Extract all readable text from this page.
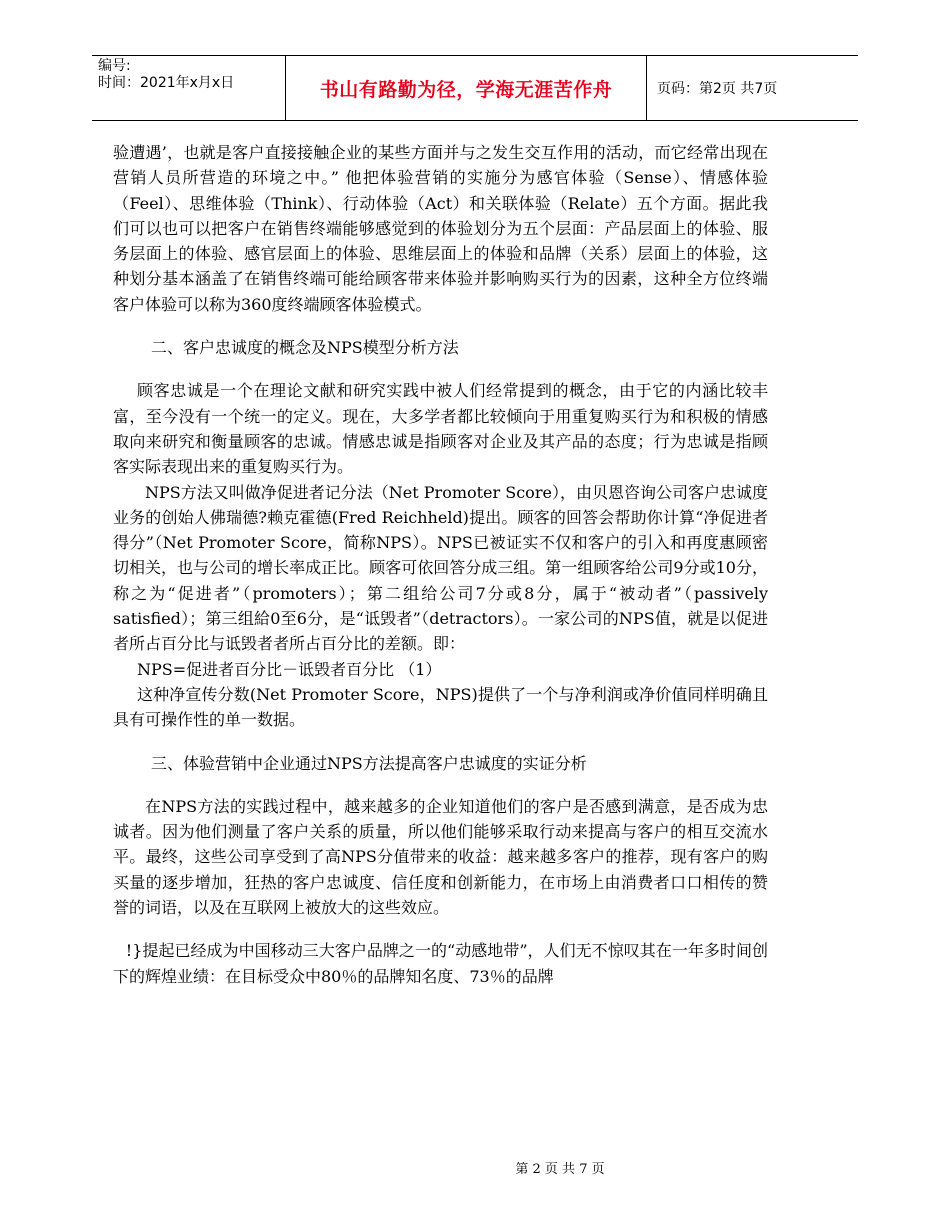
编号:
时间：2021年x月x日	书山有路勤为径，学海无涯苦作舟	页码：第2页 共7页

验遭遇’，也就是客户直接接触企业的某些方面并与之发生交互作用的活动，而它经常出现在营销人员所营造的环境之中。” 他把体验营销的实施分为感官体验（Sense）、情感体验（Feel）、思维体验（Think）、行动体验（Act）和关联体验（Relate）五个方面。据此我们可以也可以把客户在销售终端能够感觉到的体验划分为五个层面：产品层面上的体验、服务层面上的体验、感官层面上的体验、思维层面上的体验和品牌（关系）层面上的体验，这种划分基本涵盖了在销售终端可能给顾客带来体验并影响购买行为的因素，这种全方位终端客户体验可以称为360度终端顾客体验模式。

二、客户忠诚度的概念及NPS模型分析方法

顾客忠诚是一个在理论文献和研究实践中被人们经常提到的概念，由于它的内涵比较丰富，至今没有一个统一的定义。现在，大多学者都比较倾向于用重复购买行为和积极的情感取向来研究和衡量顾客的忠诚。情感忠诚是指顾客对企业及其产品的态度；行为忠诚是指顾客实际表现出来的重复购买行为。

NPS方法又叫做净促进者记分法（Net Promoter Score），由贝恩咨询公司客户忠诚度业务的创始人佛瑞德?赖克霍德(Fred Reichheld)提出。顾客的回答会帮助你计算“净促进者得分”（Net Promoter Score，简称NPS）。NPS已被证实不仅和客户的引入和再度惠顾密切相关，也与公司的增长率成正比。顾客可依回答分成三组。第一组顾客给公司9分或10分，称之为“促进者”（promoters）；第二组给公司7分或8分，属于“被动者”（passively satisfied）；第三组給0至6分，是“诋毁者”（detractors）。一家公司的NPS值，就是以促进者所占百分比与诋毁者者所占百分比的差额。即：

NPS=促进者百分比－诋毁者百分比 （1）

这种净宣传分数(Net Promoter Score，NPS)提供了一个与净利润或净价值同样明确且具有可操作性的单一数据。

三、体验营销中企业通过NPS方法提高客户忠诚度的实证分析

在NPS方法的实践过程中，越来越多的企业知道他们的客户是否感到满意，是否成为忠诚者。因为他们测量了客户关系的质量，所以他们能够采取行动来提高与客户的相互交流水平。最终，这些公司享受到了高NPS分值带来的收益：越来越多客户的推荐，现有客户的购买量的逐步增加，狂热的客户忠诚度、信任度和创新能力，在市场上由消费者口口相传的赞誉的词语，以及在互联网上被放大的这些效应。

!}提起已经成为中国移动三大客户品牌之一的“动感地带”，人们无不惊叹其在一年多时间创下的辉煌业绩：在目标受众中80％的品牌知名度、73％的品牌

第 2 页 共 7 页
